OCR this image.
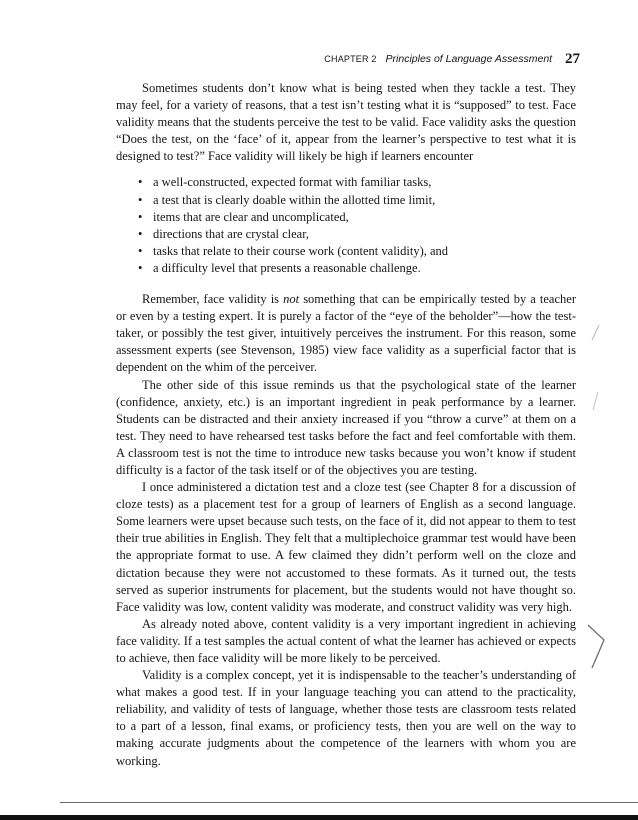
CHAPTER 2 Principles of Language Assessment 27

Sometimes students don’t know what is being tested when they tackle a test. They may feel, for a variety of reasons, that a test isn’t testing what it is “supposed” to test. Face validity means that the students perceive the test to be valid. Face validity asks the question “Does the test, on the ‘face’ of it, appear from the learner’s perspective to test what it is designed to test?” Face validity will likely be high if learners encounter

• a well-constructed, expected format with familiar tasks,
• a test that is clearly doable within the allotted time limit,
• items that are clear and uncomplicated,
• directions that are crystal clear,
• tasks that relate to their course work (content validity), and
• a difficulty level that presents a reasonable challenge.

Remember, face validity is not something that can be empirically tested by a teacher or even by a testing expert. It is purely a factor of the “eye of the beholder”—how the test-taker, or possibly the test giver, intuitively perceives the instrument. For this reason, some assessment experts (see Stevenson, 1985) view face validity as a superficial factor that is dependent on the whim of the perceiver.

The other side of this issue reminds us that the psychological state of the learner (confidence, anxiety, etc.) is an important ingredient in peak performance by a learner. Students can be distracted and their anxiety increased if you “throw a curve” at them on a test. They need to have rehearsed test tasks before the fact and feel comfortable with them. A classroom test is not the time to introduce new tasks because you won’t know if student difficulty is a factor of the task itself or of the objectives you are testing.

I once administered a dictation test and a cloze test (see Chapter 8 for a discussion of cloze tests) as a placement test for a group of learners of English as a second language. Some learners were upset because such tests, on the face of it, did not appear to them to test their true abilities in English. They felt that a multiplechoice grammar test would have been the appropriate format to use. A few claimed they didn’t perform well on the cloze and dictation because they were not accustomed to these formats. As it turned out, the tests served as superior instruments for placement, but the students would not have thought so. Face validity was low, content validity was moderate, and construct validity was very high.

As already noted above, content validity is a very important ingredient in achieving face validity. If a test samples the actual content of what the learner has achieved or expects to achieve, then face validity will be more likely to be perceived.

Validity is a complex concept, yet it is indispensable to the teacher’s understanding of what makes a good test. If in your language teaching you can attend to the practicality, reliability, and validity of tests of language, whether those tests are classroom tests related to a part of a lesson, final exams, or proficiency tests, then you are well on the way to making accurate judgments about the competence of the learners with whom you are working.
